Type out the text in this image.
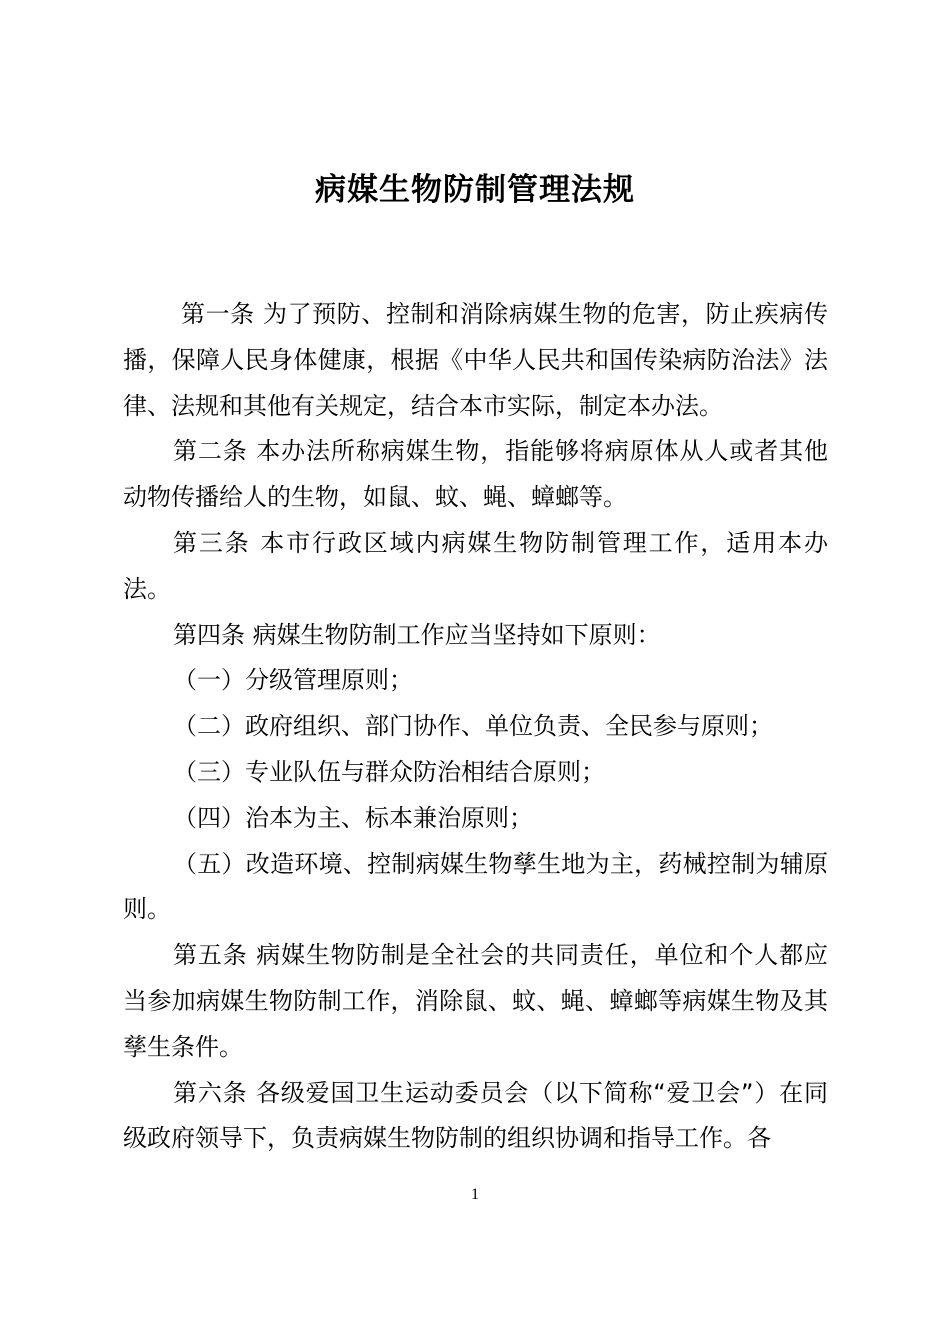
病媒生物防制管理法规

第一条 为了预防、控制和消除病媒生物的危害，防止疾病传播，保障人民身体健康，根据《中华人民共和国传染病防治法》法律、法规和其他有关规定，结合本市实际，制定本办法。

第二条 本办法所称病媒生物，指能够将病原体从人或者其他动物传播给人的生物，如鼠、蚊、蝇、蟑螂等。

第三条 本市行政区域内病媒生物防制管理工作，适用本办法。

第四条 病媒生物防制工作应当坚持如下原则：

（一）分级管理原则；

（二）政府组织、部门协作、单位负责、全民参与原则；

（三）专业队伍与群众防治相结合原则；

（四）治本为主、标本兼治原则；

（五）改造环境、控制病媒生物孳生地为主，药械控制为辅原则。

第五条 病媒生物防制是全社会的共同责任，单位和个人都应当参加病媒生物防制工作，消除鼠、蚊、蝇、蟑螂等病媒生物及其孳生条件。

第六条 各级爱国卫生运动委员会（以下简称“爱卫会”）在同级政府领导下，负责病媒生物防制的组织协调和指导工作。各

1
